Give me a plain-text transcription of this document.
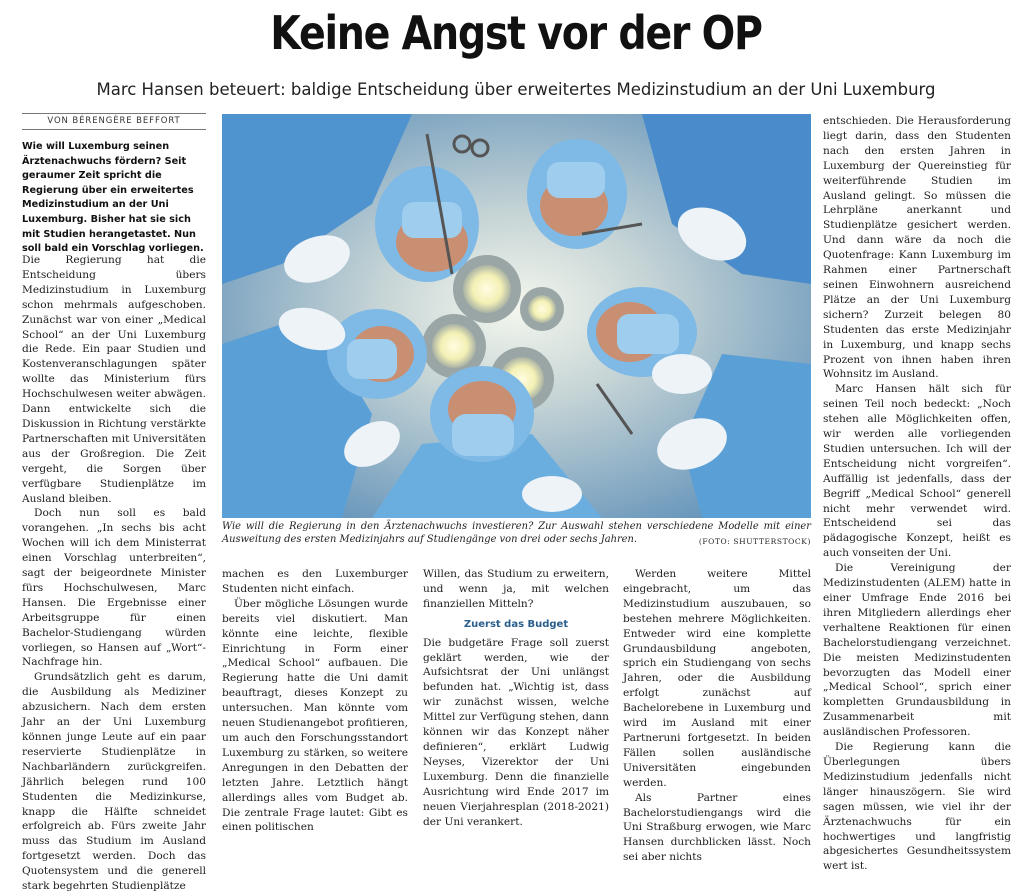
Keine Angst vor der OP
Marc Hansen beteuert: baldige Entscheidung über erweitertes Medizinstudium an der Uni Luxemburg
VON BÉRENGÈRE BEFFORT
Wie will Luxemburg seinen Ärztenachwuchs fördern? Seit geraumer Zeit spricht die Regierung über ein erweitertes Medizinstudium an der Uni Luxemburg. Bisher hat sie sich mit Studien herangetastet. Nun soll bald ein Vorschlag vorliegen.

Die Regierung hat die Entscheidung übers Medizinstudium in Luxemburg schon mehrmals aufgeschoben. Zunächst war von einer „Medical School“ an der Uni Luxemburg die Rede. Ein paar Studien und Kostenveranschlagungen später wollte das Ministerium fürs Hochschulwesen weiter abwägen. Dann entwickelte sich die Diskussion in Richtung verstärkte Partnerschaften mit Universitäten aus der Großregion. Die Zeit vergeht, die Sorgen über verfügbare Studienplätze im Ausland bleiben.

Doch nun soll es bald vorangehen. „In sechs bis acht Wochen will ich dem Ministerrat einen Vorschlag unterbreiten“, sagt der beigeordnete Minister fürs Hochschulwesen, Marc Hansen. Die Ergebnisse einer Arbeitsgruppe für einen Bachelor-Studiengang würden vorliegen, so Hansen auf „Wort“-Nachfrage hin.

Grundsätzlich geht es darum, die Ausbildung als Mediziner abzusichern. Nach dem ersten Jahr an der Uni Luxemburg können junge Leute auf ein paar reservierte Studienplätze in Nachbarländern zurückgreifen. Jährlich belegen rund 100 Studenten die Medizinkurse, knapp die Hälfte schneidet erfolgreich ab. Fürs zweite Jahr muss das Studium im Ausland fortgesetzt werden. Doch das Quotensystem und die generell stark begehrten Studienplätze

Wie will die Regierung in den Ärztenachwuchs investieren? Zur Auswahl stehen verschiedene Modelle mit einer Ausweitung des ersten Medizinjahrs auf Studiengänge von drei oder sechs Jahren.	(FOTO: SHUTTERSTOCK)

machen es den Luxemburger Studenten nicht einfach.

Über mögliche Lösungen wurde bereits viel diskutiert. Man könnte eine leichte, flexible Einrichtung in Form einer „Medical School“ aufbauen. Die Regierung hatte die Uni damit beauftragt, dieses Konzept zu untersuchen. Man könnte vom neuen Studienangebot profitieren, um auch den Forschungsstandort Luxemburg zu stärken, so weitere Anregungen in den Debatten der letzten Jahre. Letztlich hängt allerdings alles vom Budget ab. Die zentrale Frage lautet: Gibt es einen politischen

Willen, das Studium zu erweitern, und wenn ja, mit welchen finanziellen Mitteln?

Zuerst das Budget

Die budgetäre Frage soll zuerst geklärt werden, wie der Aufsichtsrat der Uni unlängst befunden hat. „Wichtig ist, dass wir zunächst wissen, welche Mittel zur Verfügung stehen, dann können wir das Konzept näher definieren“, erklärt Ludwig Neyses, Vizerektor der Uni Luxemburg. Denn die finanzielle Ausrichtung wird Ende 2017 im neuen Vierjahresplan (2018-2021) der Uni verankert.

Werden weitere Mittel eingebracht, um das Medizinstudium auszubauen, so bestehen mehrere Möglichkeiten. Entweder wird eine komplette Grundausbildung angeboten, sprich ein Studiengang von sechs Jahren, oder die Ausbildung erfolgt zunächst auf Bachelorebene in Luxemburg und wird im Ausland mit einer Partneruni fortgesetzt. In beiden Fällen sollen ausländische Universitäten eingebunden werden.

Als Partner eines Bachelorstudiengangs wird die Uni Straßburg erwogen, wie Marc Hansen durchblicken lässt. Noch sei aber nichts

entschieden. Die Herausforderung liegt darin, dass den Studenten nach den ersten Jahren in Luxemburg der Quereinstieg für weiterführende Studien im Ausland gelingt. So müssen die Lehrpläne anerkannt und Studienplätze gesichert werden. Und dann wäre da noch die Quotenfrage: Kann Luxemburg im Rahmen einer Partnerschaft seinen Einwohnern ausreichend Plätze an der Uni Luxemburg sichern? Zurzeit belegen 80 Studenten das erste Medizinjahr in Luxemburg, und knapp sechs Prozent von ihnen haben ihren Wohnsitz im Ausland.

Marc Hansen hält sich für seinen Teil noch bedeckt: „Noch stehen alle Möglichkeiten offen, wir werden alle vorliegenden Studien untersuchen. Ich will der Entscheidung nicht vorgreifen“. Auffällig ist jedenfalls, dass der Begriff „Medical School“ generell nicht mehr verwendet wird. Entscheidend sei das pädagogische Konzept, heißt es auch vonseiten der Uni.

Die Vereinigung der Medizinstudenten (ALEM) hatte in einer Umfrage Ende 2016 bei ihren Mitgliedern allerdings eher verhaltene Reaktionen für einen Bachelorstudiengang verzeichnet. Die meisten Medizinstudenten bevorzugten das Modell einer „Medical School“, sprich einer kompletten Grundausbildung in Zusammenarbeit mit ausländischen Professoren.

Die Regierung kann die Überlegungen übers Medizinstudium jedenfalls nicht länger hinauszögern. Sie wird sagen müssen, wie viel ihr der Ärztenachwuchs für ein hochwertiges und langfristig abgesichertes Gesundheitssystem wert ist.
